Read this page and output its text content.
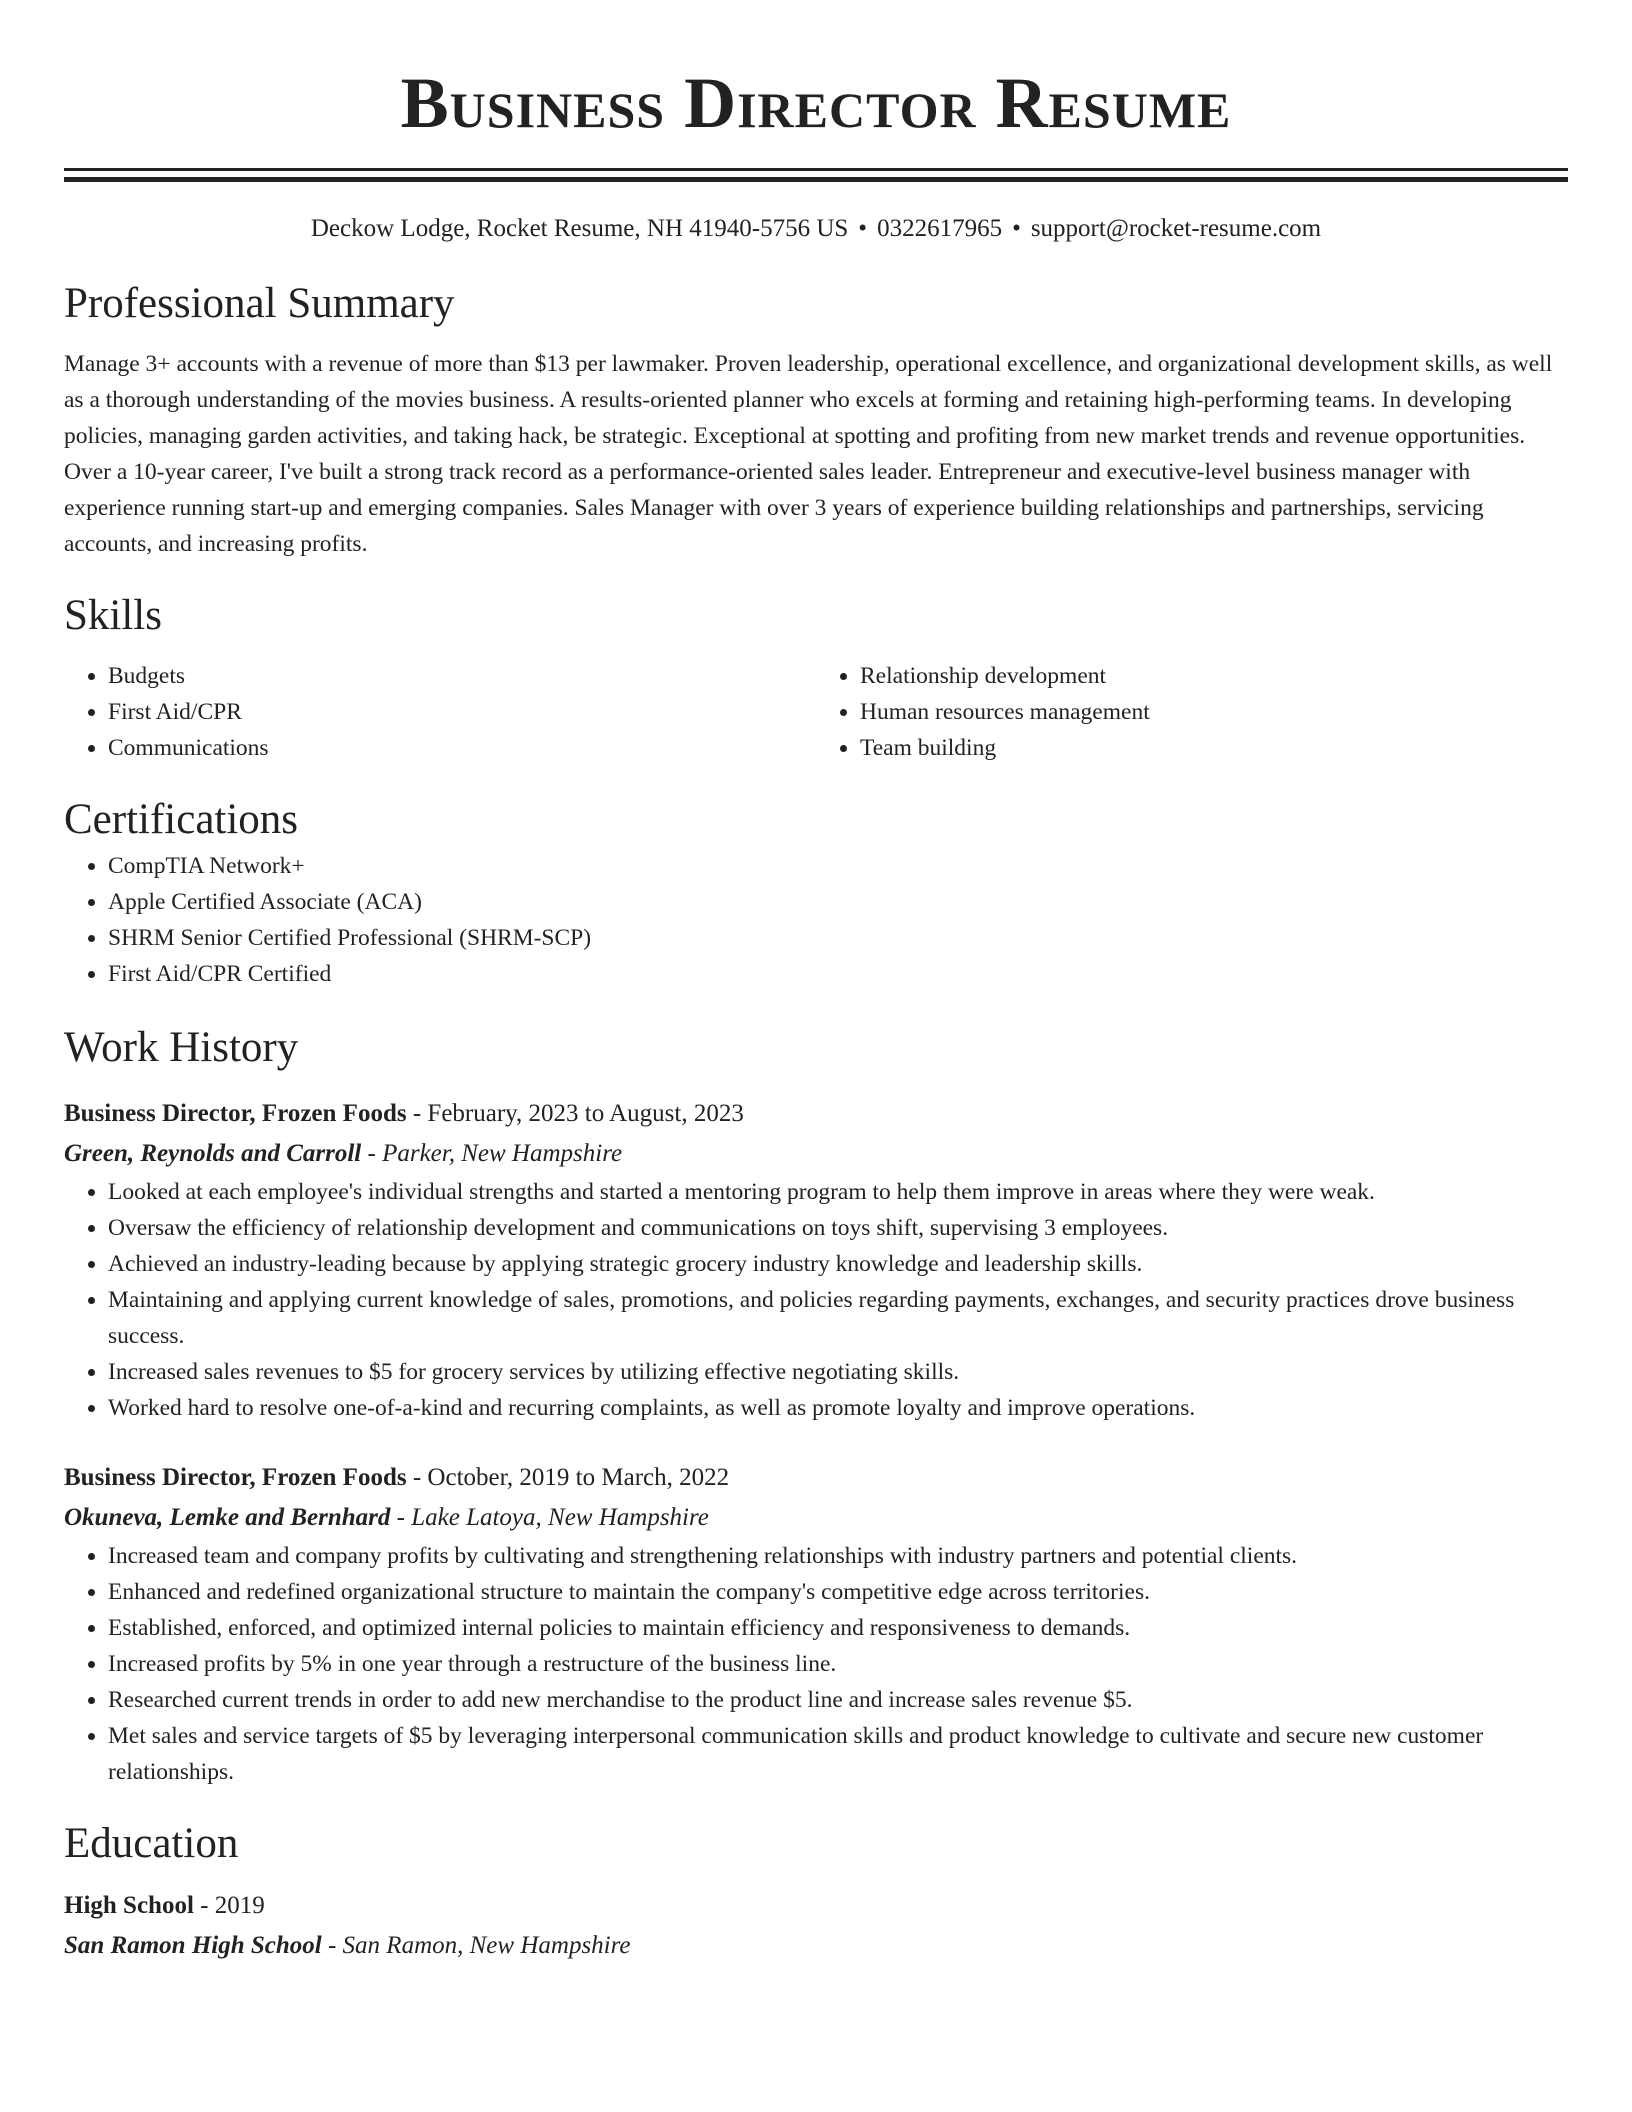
Business Director Resume
Deckow Lodge, Rocket Resume, NH 41940-5756 US • 0322617965 • support@rocket-resume.com
Professional Summary

Manage 3+ accounts with a revenue of more than $13 per lawmaker. Proven leadership, operational excellence, and organizational development skills, as well as a thorough understanding of the movies business. A results-oriented planner who excels at forming and retaining high-performing teams. In developing policies, managing garden activities, and taking hack, be strategic. Exceptional at spotting and profiting from new market trends and revenue opportunities. Over a 10-year career, I've built a strong track record as a performance-oriented sales leader. Entrepreneur and executive-level business manager with experience running start-up and emerging companies. Sales Manager with over 3 years of experience building relationships and partnerships, servicing accounts, and increasing profits.

Skills
• Budgets
• First Aid/CPR
• Communications
• Relationship development
• Human resources management
• Team building
Certifications
• CompTIA Network+
• Apple Certified Associate (ACA)
• SHRM Senior Certified Professional (SHRM-SCP)
• First Aid/CPR Certified
Work History
Business Director, Frozen Foods - February, 2023 to August, 2023
Green, Reynolds and Carroll - Parker, New Hampshire
• Looked at each employee's individual strengths and started a mentoring program to help them improve in areas where they were weak.
• Oversaw the efficiency of relationship development and communications on toys shift, supervising 3 employees.
• Achieved an industry-leading because by applying strategic grocery industry knowledge and leadership skills.
• Maintaining and applying current knowledge of sales, promotions, and policies regarding payments, exchanges, and security practices drove business success.
• Increased sales revenues to $5 for grocery services by utilizing effective negotiating skills.
• Worked hard to resolve one-of-a-kind and recurring complaints, as well as promote loyalty and improve operations.
Business Director, Frozen Foods - October, 2019 to March, 2022
Okuneva, Lemke and Bernhard - Lake Latoya, New Hampshire
• Increased team and company profits by cultivating and strengthening relationships with industry partners and potential clients.
• Enhanced and redefined organizational structure to maintain the company's competitive edge across territories.
• Established, enforced, and optimized internal policies to maintain efficiency and responsiveness to demands.
• Increased profits by 5% in one year through a restructure of the business line.
• Researched current trends in order to add new merchandise to the product line and increase sales revenue $5.
• Met sales and service targets of $5 by leveraging interpersonal communication skills and product knowledge to cultivate and secure new customer relationships.
Education
High School - 2019
San Ramon High School - San Ramon, New Hampshire
